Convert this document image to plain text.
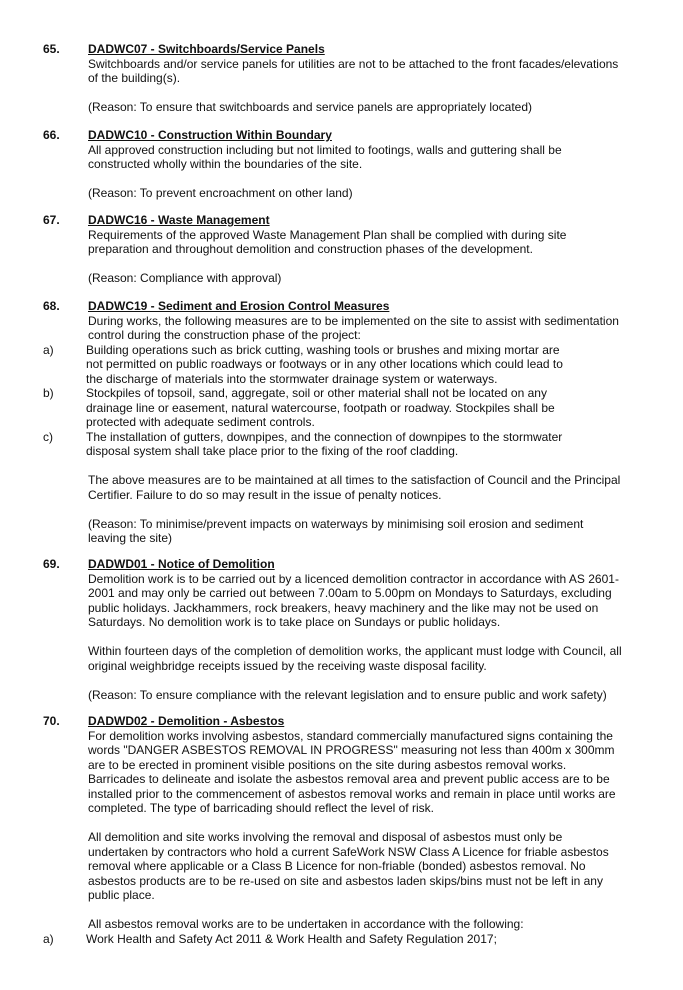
65. DADWC07 - Switchboards/Service Panels

Switchboards and/or service panels for utilities are not to be attached to the front facades/elevations
of the building(s).

(Reason: To ensure that switchboards and service panels are appropriately located)

66. DADWC10 - Construction Within Boundary

All approved construction including but not limited to footings, walls and guttering shall be
constructed wholly within the boundaries of the site.

(Reason: To prevent encroachment on other land)

67. DADWC16 - Waste Management

Requirements of the approved Waste Management Plan shall be complied with during site
preparation and throughout demolition and construction phases of the development.

(Reason: Compliance with approval)

68. DADWC19 - Sediment and Erosion Control Measures

During works, the following measures are to be implemented on the site to assist with sedimentation
control during the construction phase of the project:

a)	Building operations such as brick cutting, washing tools or brushes and mixing mortar are
not permitted on public roadways or footways or in any other locations which could lead to
the discharge of materials into the stormwater drainage system or waterways.
b)	Stockpiles of topsoil, sand, aggregate, soil or other material shall not be located on any
drainage line or easement, natural watercourse, footpath or roadway. Stockpiles shall be
protected with adequate sediment controls.
c)	The installation of gutters, downpipes, and the connection of downpipes to the stormwater
disposal system shall take place prior to the fixing of the roof cladding.

The above measures are to be maintained at all times to the satisfaction of Council and the Principal
Certifier. Failure to do so may result in the issue of penalty notices.

(Reason: To minimise/prevent impacts on waterways by minimising soil erosion and sediment
leaving the site)

69. DADWD01 - Notice of Demolition

Demolition work is to be carried out by a licenced demolition contractor in accordance with AS 2601-
2001 and may only be carried out between 7.00am to 5.00pm on Mondays to Saturdays, excluding
public holidays. Jackhammers, rock breakers, heavy machinery and the like may not be used on
Saturdays. No demolition work is to take place on Sundays or public holidays.

Within fourteen days of the completion of demolition works, the applicant must lodge with Council, all
original weighbridge receipts issued by the receiving waste disposal facility.

(Reason: To ensure compliance with the relevant legislation and to ensure public and work safety)

70. DADWD02 - Demolition - Asbestos

For demolition works involving asbestos, standard commercially manufactured signs containing the
words "DANGER ASBESTOS REMOVAL IN PROGRESS" measuring not less than 400m x 300mm
are to be erected in prominent visible positions on the site during asbestos removal works.
Barricades to delineate and isolate the asbestos removal area and prevent public access are to be
installed prior to the commencement of asbestos removal works and remain in place until works are
completed. The type of barricading should reflect the level of risk.

All demolition and site works involving the removal and disposal of asbestos must only be
undertaken by contractors who hold a current SafeWork NSW Class A Licence for friable asbestos
removal where applicable or a Class B Licence for non-friable (bonded) asbestos removal. No
asbestos products are to be re-used on site and asbestos laden skips/bins must not be left in any
public place.

All asbestos removal works are to be undertaken in accordance with the following:

a)	Work Health and Safety Act 2011 & Work Health and Safety Regulation 2017;
